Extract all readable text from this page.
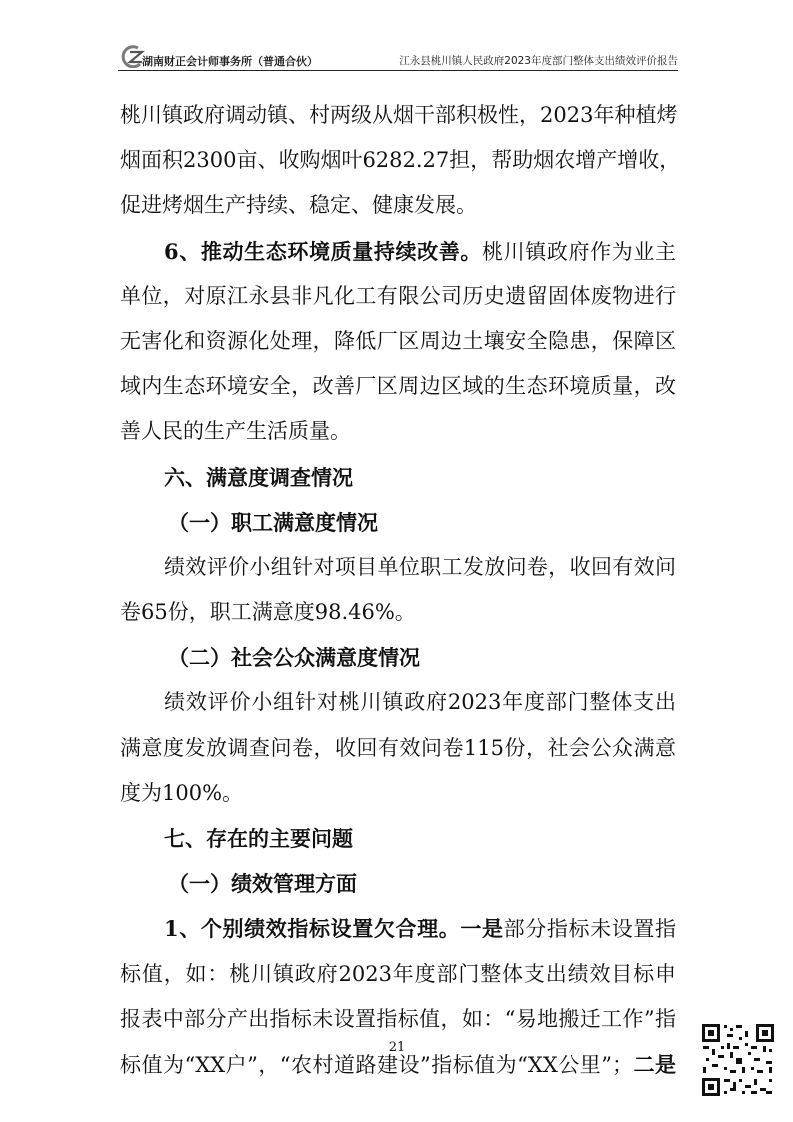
湖南财正会计师事务所（普通合伙）	江永县桃川镇人民政府2023年度部门整体支出绩效评价报告
桃川镇政府调动镇、村两级从烟干部积极性，2023年种植烤
烟面积2300亩、收购烟叶6282.27担，帮助烟农增产增收，
促进烤烟生产持续、稳定、健康发展。
6、推动生态环境质量持续改善。桃川镇政府作为业主
单位，对原江永县非凡化工有限公司历史遗留固体废物进行
无害化和资源化处理，降低厂区周边土壤安全隐患，保障区
域内生态环境安全，改善厂区周边区域的生态环境质量，改
善人民的生产生活质量。
六、满意度调查情况
（一）职工满意度情况
绩效评价小组针对项目单位职工发放问卷，收回有效问
卷65份，职工满意度98.46%。
（二）社会公众满意度情况
绩效评价小组针对桃川镇政府2023年度部门整体支出
满意度发放调查问卷，收回有效问卷115份，社会公众满意
度为100%。
七、存在的主要问题
（一）绩效管理方面
1、个别绩效指标设置欠合理。一是部分指标未设置指
标值，如：桃川镇政府2023年度部门整体支出绩效目标申
报表中部分产出指标未设置指标值，如：“易地搬迁工作”指
标值为“XX户”，“农村道路建设”指标值为“XX公里”；二是
21
